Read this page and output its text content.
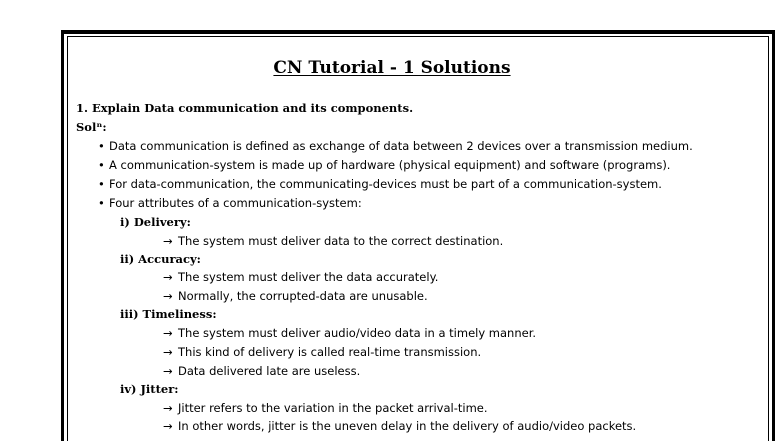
CN Tutorial - 1 Solutions
1. Explain Data communication and its components.
Solⁿ:
• Data communication is defined as exchange of data between 2 devices over a transmission medium.
• A communication-system is made up of hardware (physical equipment) and software (programs).
• For data-communication, the communicating-devices must be part of a communication-system.
• Four attributes of a communication-system:
i) Delivery:
→ The system must deliver data to the correct destination.
ii) Accuracy:
→ The system must deliver the data accurately.
→ Normally, the corrupted-data are unusable.
iii) Timeliness:
→ The system must deliver audio/video data in a timely manner.
→ This kind of delivery is called real-time transmission.
→ Data delivered late are useless.
iv) Jitter:
→ Jitter refers to the variation in the packet arrival-time.
→ In other words, jitter is the uneven delay in the delivery of audio/video packets.
